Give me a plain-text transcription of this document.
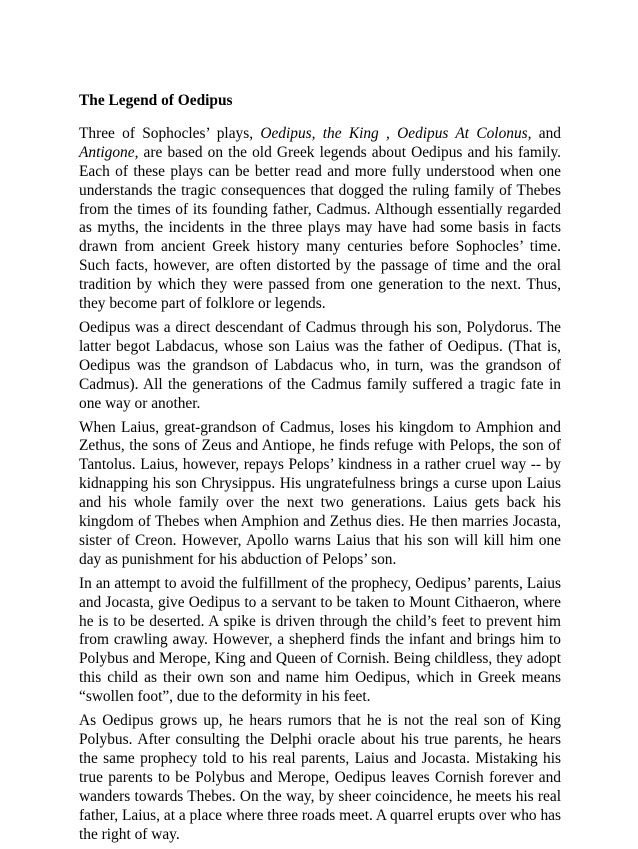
The Legend of Oedipus

Three of Sophocles’ plays, Oedipus, the King , Oedipus At Colonus, and Antigone, are based on the old Greek legends about Oedipus and his family. Each of these plays can be better read and more fully understood when one understands the tragic consequences that dogged the ruling family of Thebes from the times of its founding father, Cadmus. Although essentially regarded as myths, the incidents in the three plays may have had some basis in facts drawn from ancient Greek history many centuries before Sophocles’ time. Such facts, however, are often distorted by the passage of time and the oral tradition by which they were passed from one generation to the next. Thus, they become part of folklore or legends.

Oedipus was a direct descendant of Cadmus through his son, Polydorus. The latter begot Labdacus, whose son Laius was the father of Oedipus. (That is, Oedipus was the grandson of Labdacus who, in turn, was the grandson of Cadmus). All the generations of the Cadmus family suffered a tragic fate in one way or another.

When Laius, great-grandson of Cadmus, loses his kingdom to Amphion and Zethus, the sons of Zeus and Antiope, he finds refuge with Pelops, the son of Tantolus. Laius, however, repays Pelops’ kindness in a rather cruel way -- by kidnapping his son Chrysippus. His ungratefulness brings a curse upon Laius and his whole family over the next two generations. Laius gets back his kingdom of Thebes when Amphion and Zethus dies. He then marries Jocasta, sister of Creon. However, Apollo warns Laius that his son will kill him one day as punishment for his abduction of Pelops’ son.

In an attempt to avoid the fulfillment of the prophecy, Oedipus’ parents, Laius and Jocasta, give Oedipus to a servant to be taken to Mount Cithaeron, where he is to be deserted. A spike is driven through the child’s feet to prevent him from crawling away. However, a shepherd finds the infant and brings him to Polybus and Merope, King and Queen of Cornish. Being childless, they adopt this child as their own son and name him Oedipus, which in Greek means “swollen foot”, due to the deformity in his feet.

As Oedipus grows up, he hears rumors that he is not the real son of King Polybus. After consulting the Delphi oracle about his true parents, he hears the same prophecy told to his real parents, Laius and Jocasta. Mistaking his true parents to be Polybus and Merope, Oedipus leaves Cornish forever and wanders towards Thebes. On the way, by sheer coincidence, he meets his real father, Laius, at a place where three roads meet. A quarrel erupts over who has the right of way.
